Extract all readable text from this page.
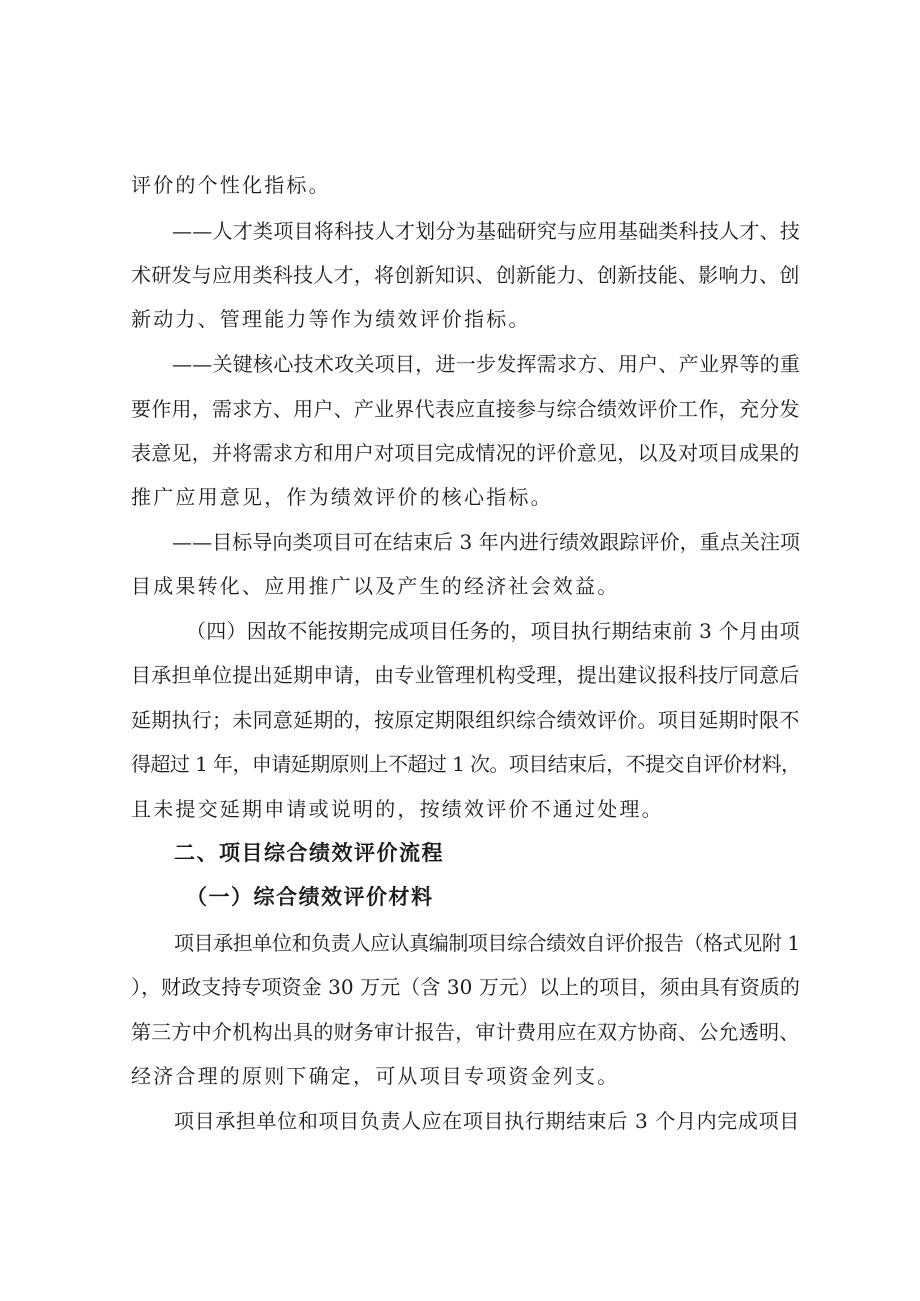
评价的个性化指标。
——人才类项目将科技人才划分为基础研究与应用基础类科技人才、技
术研发与应用类科技人才，将创新知识、创新能力、创新技能、影响力、创
新动力、管理能力等作为绩效评价指标。
——关键核心技术攻关项目，进一步发挥需求方、用户、产业界等的重
要作用，需求方、用户、产业界代表应直接参与综合绩效评价工作，充分发
表意见，并将需求方和用户对项目完成情况的评价意见，以及对项目成果的
推广应用意见，作为绩效评价的核心指标。
——目标导向类项目可在结束后 3 年内进行绩效跟踪评价，重点关注项
目成果转化、应用推广以及产生的经济社会效益。
（四）因故不能按期完成项目任务的，项目执行期结束前 3 个月由项
目承担单位提出延期申请，由专业管理机构受理，提出建议报科技厅同意后
延期执行；未同意延期的，按原定期限组织综合绩效评价。项目延期时限不
得超过 1 年，申请延期原则上不超过 1 次。项目结束后，不提交自评价材料，
且未提交延期申请或说明的，按绩效评价不通过处理。
二、项目综合绩效评价流程
（一）综合绩效评价材料
项目承担单位和负责人应认真编制项目综合绩效自评价报告（格式见附 1
），财政支持专项资金 30 万元（含 30 万元）以上的项目，须由具有资质的
第三方中介机构出具的财务审计报告，审计费用应在双方协商、公允透明、
经济合理的原则下确定，可从项目专项资金列支。
项目承担单位和项目负责人应在项目执行期结束后 3 个月内完成项目
